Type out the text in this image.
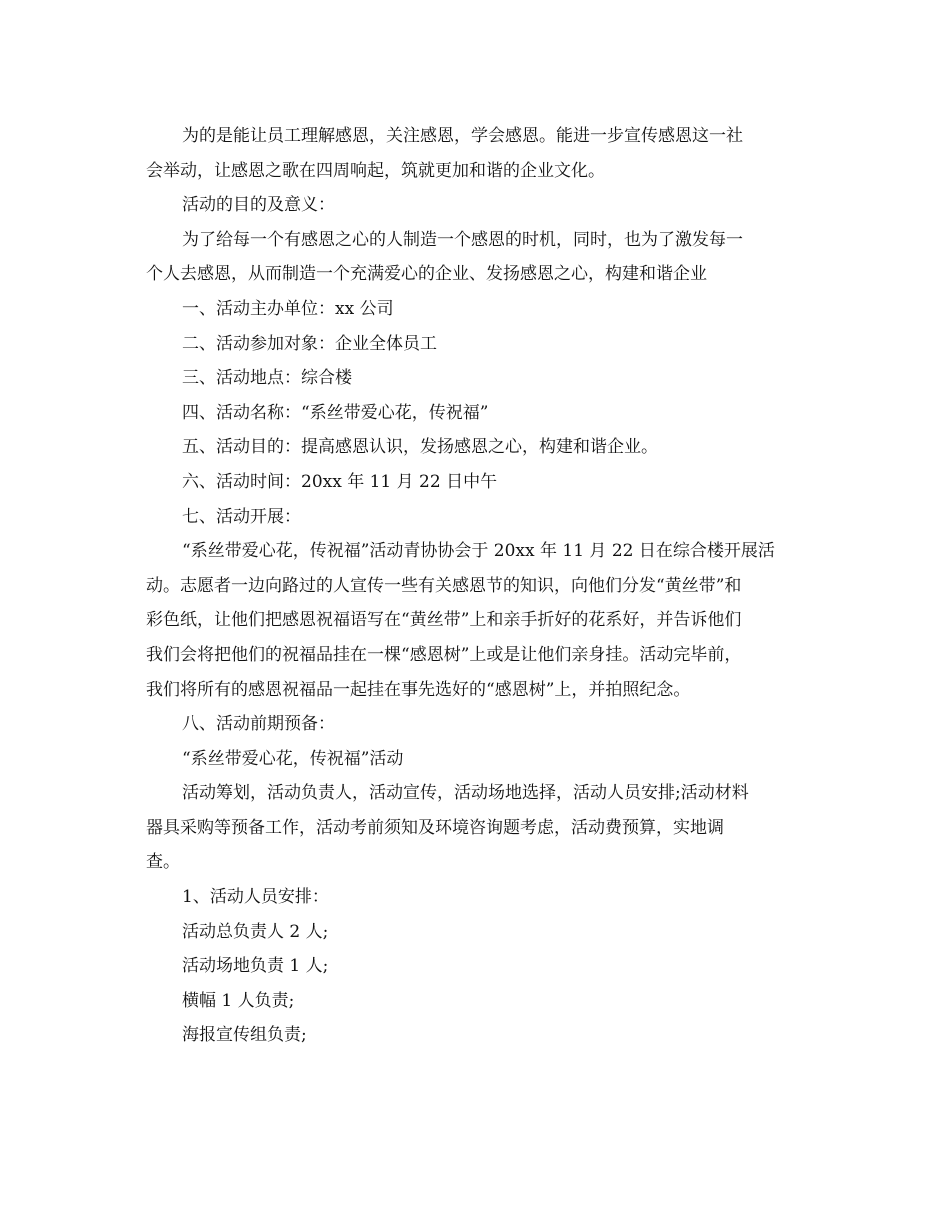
为的是能让员工理解感恩，关注感恩，学会感恩。能进一步宣传感恩这一社
会举动，让感恩之歌在四周响起，筑就更加和谐的企业文化。

活动的目的及意义：

为了给每一个有感恩之心的人制造一个感恩的时机，同时，也为了激发每一
个人去感恩，从而制造一个充满爱心的企业、发扬感恩之心，构建和谐企业

一、活动主办单位：xx 公司

二、活动参加对象：企业全体员工

三、活动地点：综合楼

四、活动名称：“系丝带爱心花，传祝福”

五、活动目的：提高感恩认识，发扬感恩之心，构建和谐企业。

六、活动时间：20xx 年 11 月 22 日中午

七、活动开展：

“系丝带爱心花，传祝福”活动青协协会于 20xx 年 11 月 22 日在综合楼开展活
动。志愿者一边向路过的人宣传一些有关感恩节的知识，向他们分发“黄丝带”和
彩色纸，让他们把感恩祝福语写在“黄丝带”上和亲手折好的花系好，并告诉他们
我们会将把他们的祝福品挂在一棵“感恩树”上或是让他们亲身挂。活动完毕前，
我们将所有的感恩祝福品一起挂在事先选好的“感恩树”上，并拍照纪念。

八、活动前期预备：

“系丝带爱心花，传祝福”活动

活动筹划，活动负责人，活动宣传，活动场地选择，活动人员安排;活动材料
器具采购等预备工作，活动考前须知及环境咨询题考虑，活动费预算，实地调
查。

1、活动人员安排：

活动总负责人 2 人;

活动场地负责 1 人;

横幅 1 人负责;

海报宣传组负责;
